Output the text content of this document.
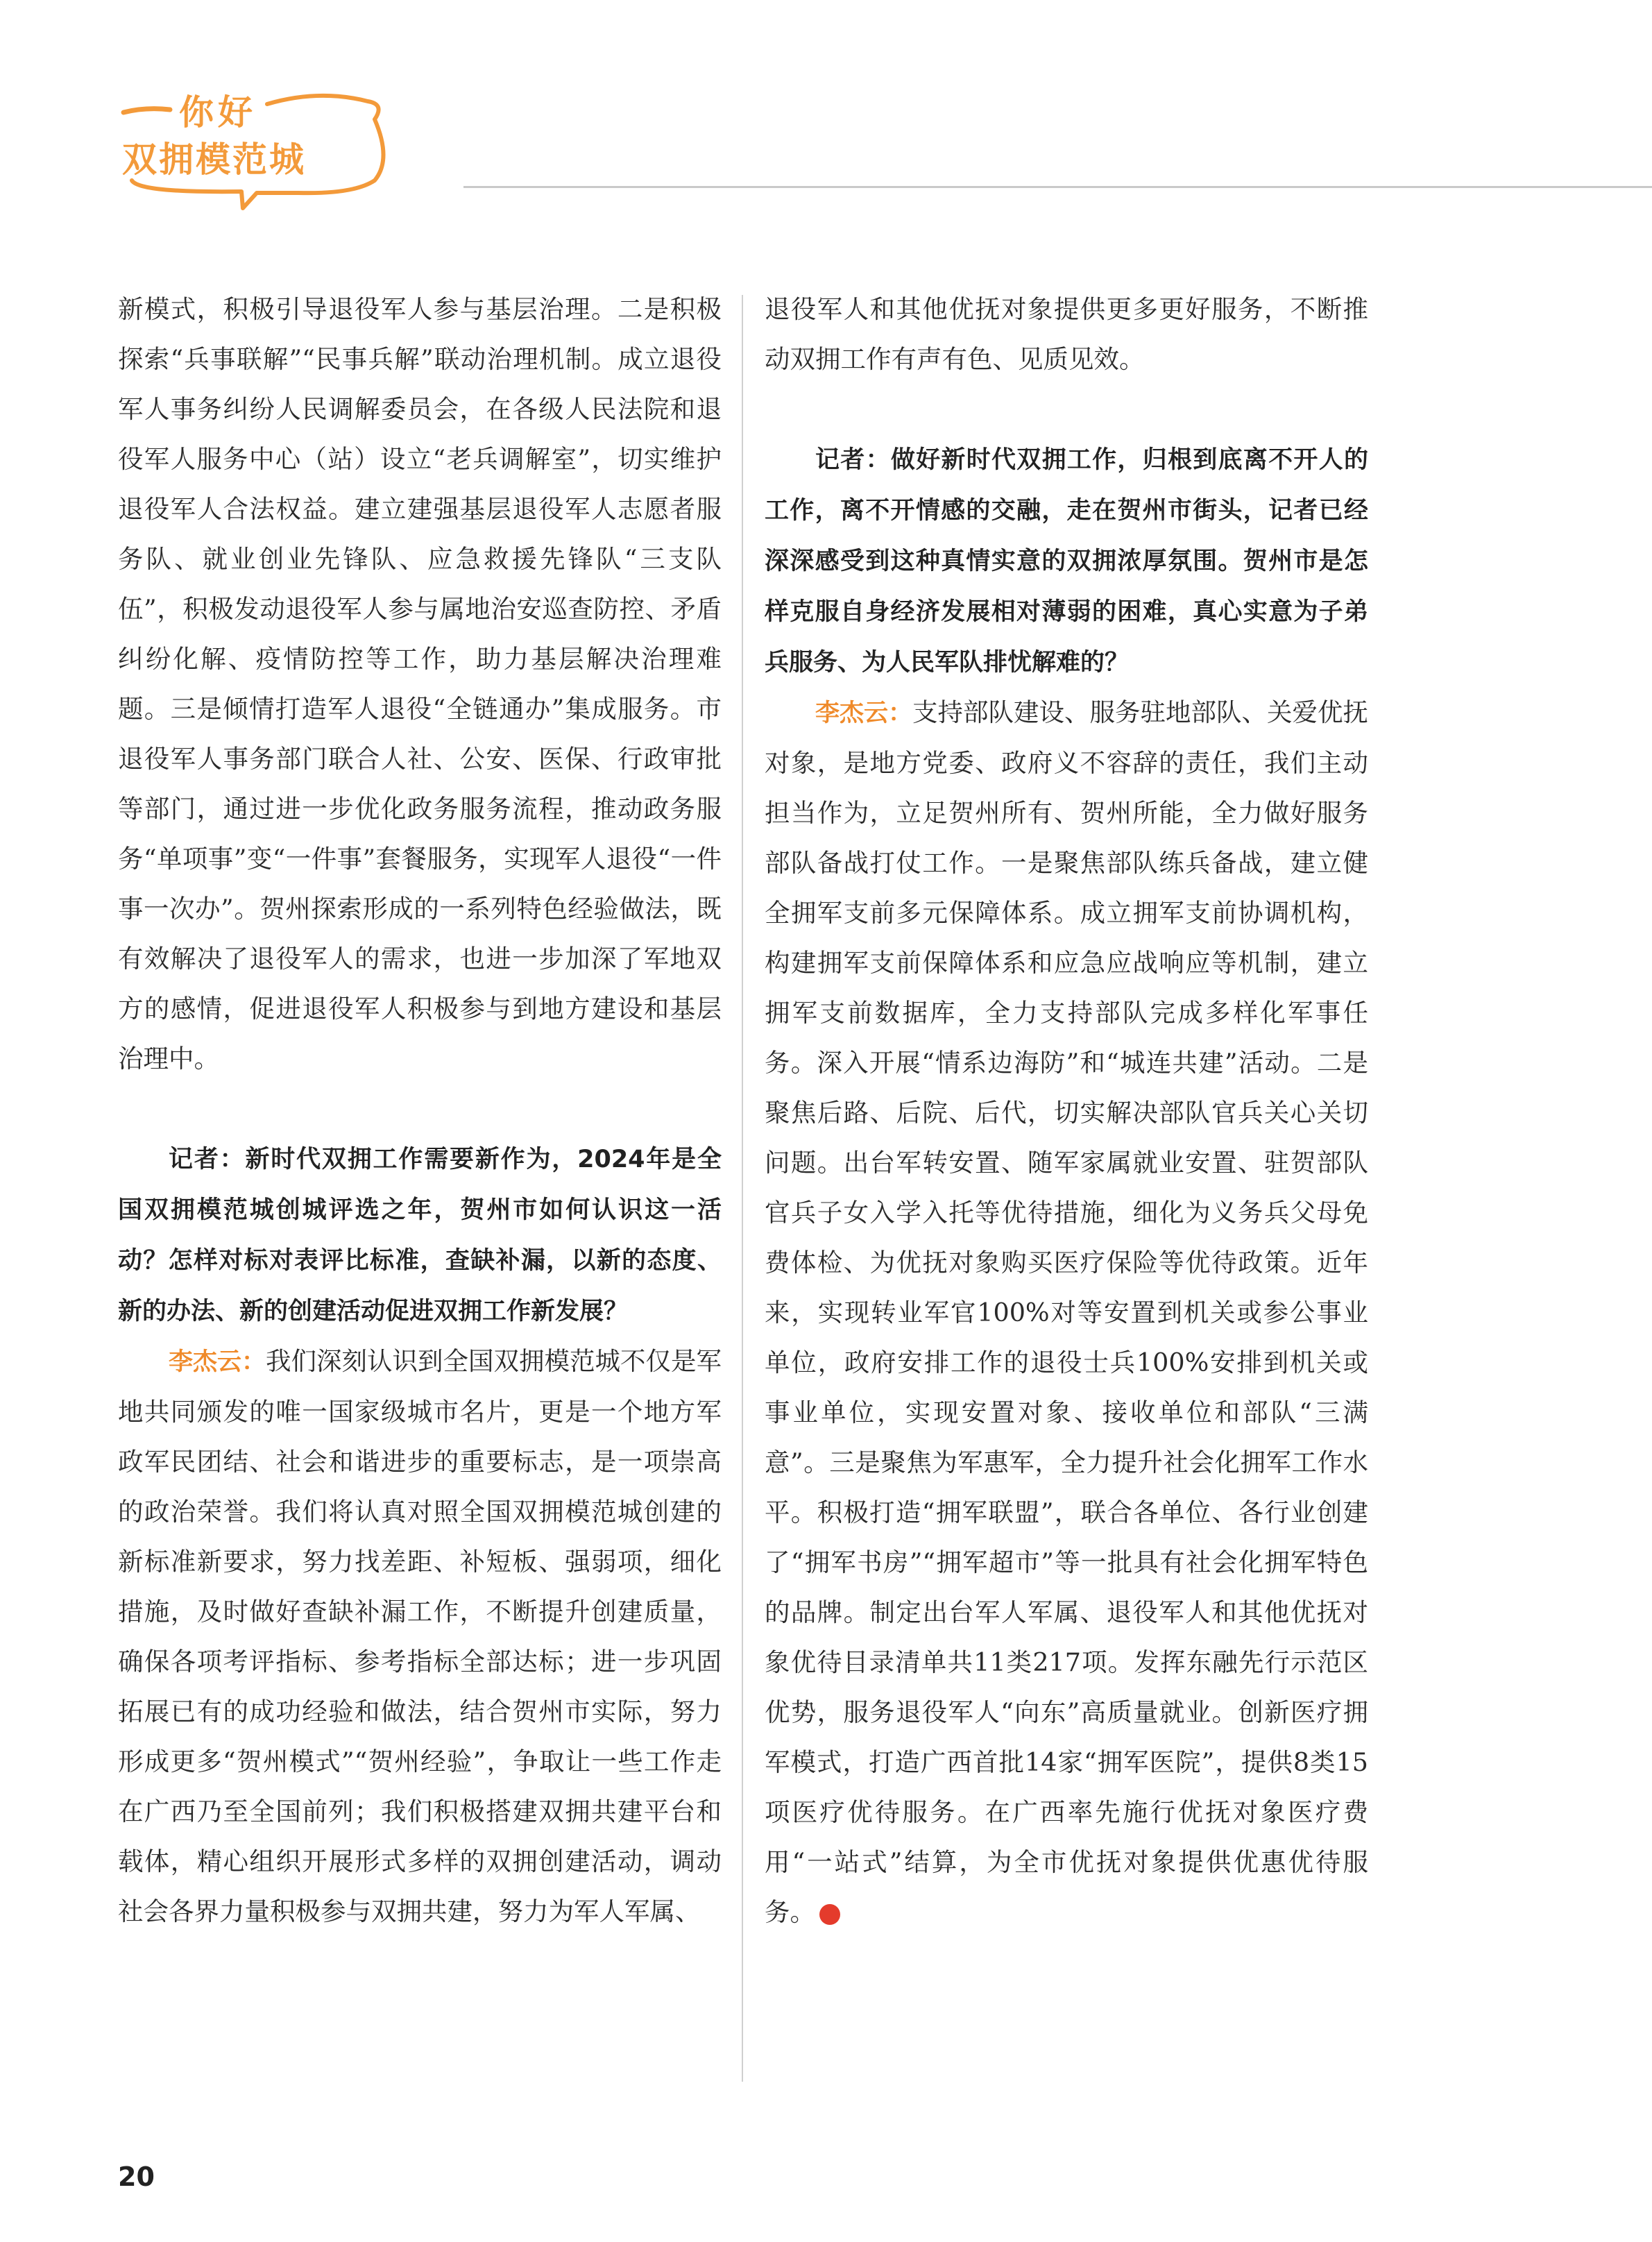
你好
双拥模范城

新模式，积极引导退役军人参与基层治理。二是积极探索“兵事联解”“民事兵解”联动治理机制。成立退役军人事务纠纷人民调解委员会，在各级人民法院和退役军人服务中心（站）设立“老兵调解室”，切实维护退役军人合法权益。建立建强基层退役军人志愿者服务队、就业创业先锋队、应急救援先锋队“三支队伍”，积极发动退役军人参与属地治安巡查防控、矛盾纠纷化解、疫情防控等工作，助力基层解决治理难题。三是倾情打造军人退役“全链通办”集成服务。市退役军人事务部门联合人社、公安、医保、行政审批等部门，通过进一步优化政务服务流程，推动政务服务“单项事”变“一件事”套餐服务，实现军人退役“一件事一次办”。贺州探索形成的一系列特色经验做法，既有效解决了退役军人的需求，也进一步加深了军地双方的感情，促进退役军人积极参与到地方建设和基层治理中。

记者：新时代双拥工作需要新作为，2024年是全国双拥模范城创城评选之年，贺州市如何认识这一活动？怎样对标对表评比标准，查缺补漏，以新的态度、新的办法、新的创建活动促进双拥工作新发展？

李杰云：我们深刻认识到全国双拥模范城不仅是军地共同颁发的唯一国家级城市名片，更是一个地方军政军民团结、社会和谐进步的重要标志，是一项崇高的政治荣誉。我们将认真对照全国双拥模范城创建的新标准新要求，努力找差距、补短板、强弱项，细化措施，及时做好查缺补漏工作，不断提升创建质量，确保各项考评指标、参考指标全部达标；进一步巩固拓展已有的成功经验和做法，结合贺州市实际，努力形成更多“贺州模式”“贺州经验”，争取让一些工作走在广西乃至全国前列；我们积极搭建双拥共建平台和载体，精心组织开展形式多样的双拥创建活动，调动社会各界力量积极参与双拥共建，努力为军人军属、

退役军人和其他优抚对象提供更多更好服务，不断推动双拥工作有声有色、见质见效。

记者：做好新时代双拥工作，归根到底离不开人的工作，离不开情感的交融，走在贺州市街头，记者已经深深感受到这种真情实意的双拥浓厚氛围。贺州市是怎样克服自身经济发展相对薄弱的困难，真心实意为子弟兵服务、为人民军队排忧解难的？

李杰云：支持部队建设、服务驻地部队、关爱优抚对象，是地方党委、政府义不容辞的责任，我们主动担当作为，立足贺州所有、贺州所能，全力做好服务部队备战打仗工作。一是聚焦部队练兵备战，建立健全拥军支前多元保障体系。成立拥军支前协调机构，构建拥军支前保障体系和应急应战响应等机制，建立拥军支前数据库，全力支持部队完成多样化军事任务。深入开展“情系边海防”和“城连共建”活动。二是聚焦后路、后院、后代，切实解决部队官兵关心关切问题。出台军转安置、随军家属就业安置、驻贺部队官兵子女入学入托等优待措施，细化为义务兵父母免费体检、为优抚对象购买医疗保险等优待政策。近年来，实现转业军官100%对等安置到机关或参公事业单位，政府安排工作的退役士兵100%安排到机关或事业单位，实现安置对象、接收单位和部队“三满意”。三是聚焦为军惠军，全力提升社会化拥军工作水平。积极打造“拥军联盟”，联合各单位、各行业创建了“拥军书房”“拥军超市”等一批具有社会化拥军特色的品牌。制定出台军人军属、退役军人和其他优抚对象优待目录清单共11类217项。发挥东融先行示范区优势，服务退役军人“向东”高质量就业。创新医疗拥军模式，打造广西首批14家“拥军医院”，提供8类15项医疗优待服务。在广西率先施行优抚对象医疗费用“一站式”结算，为全市优抚对象提供优惠优待服务。	N

20
